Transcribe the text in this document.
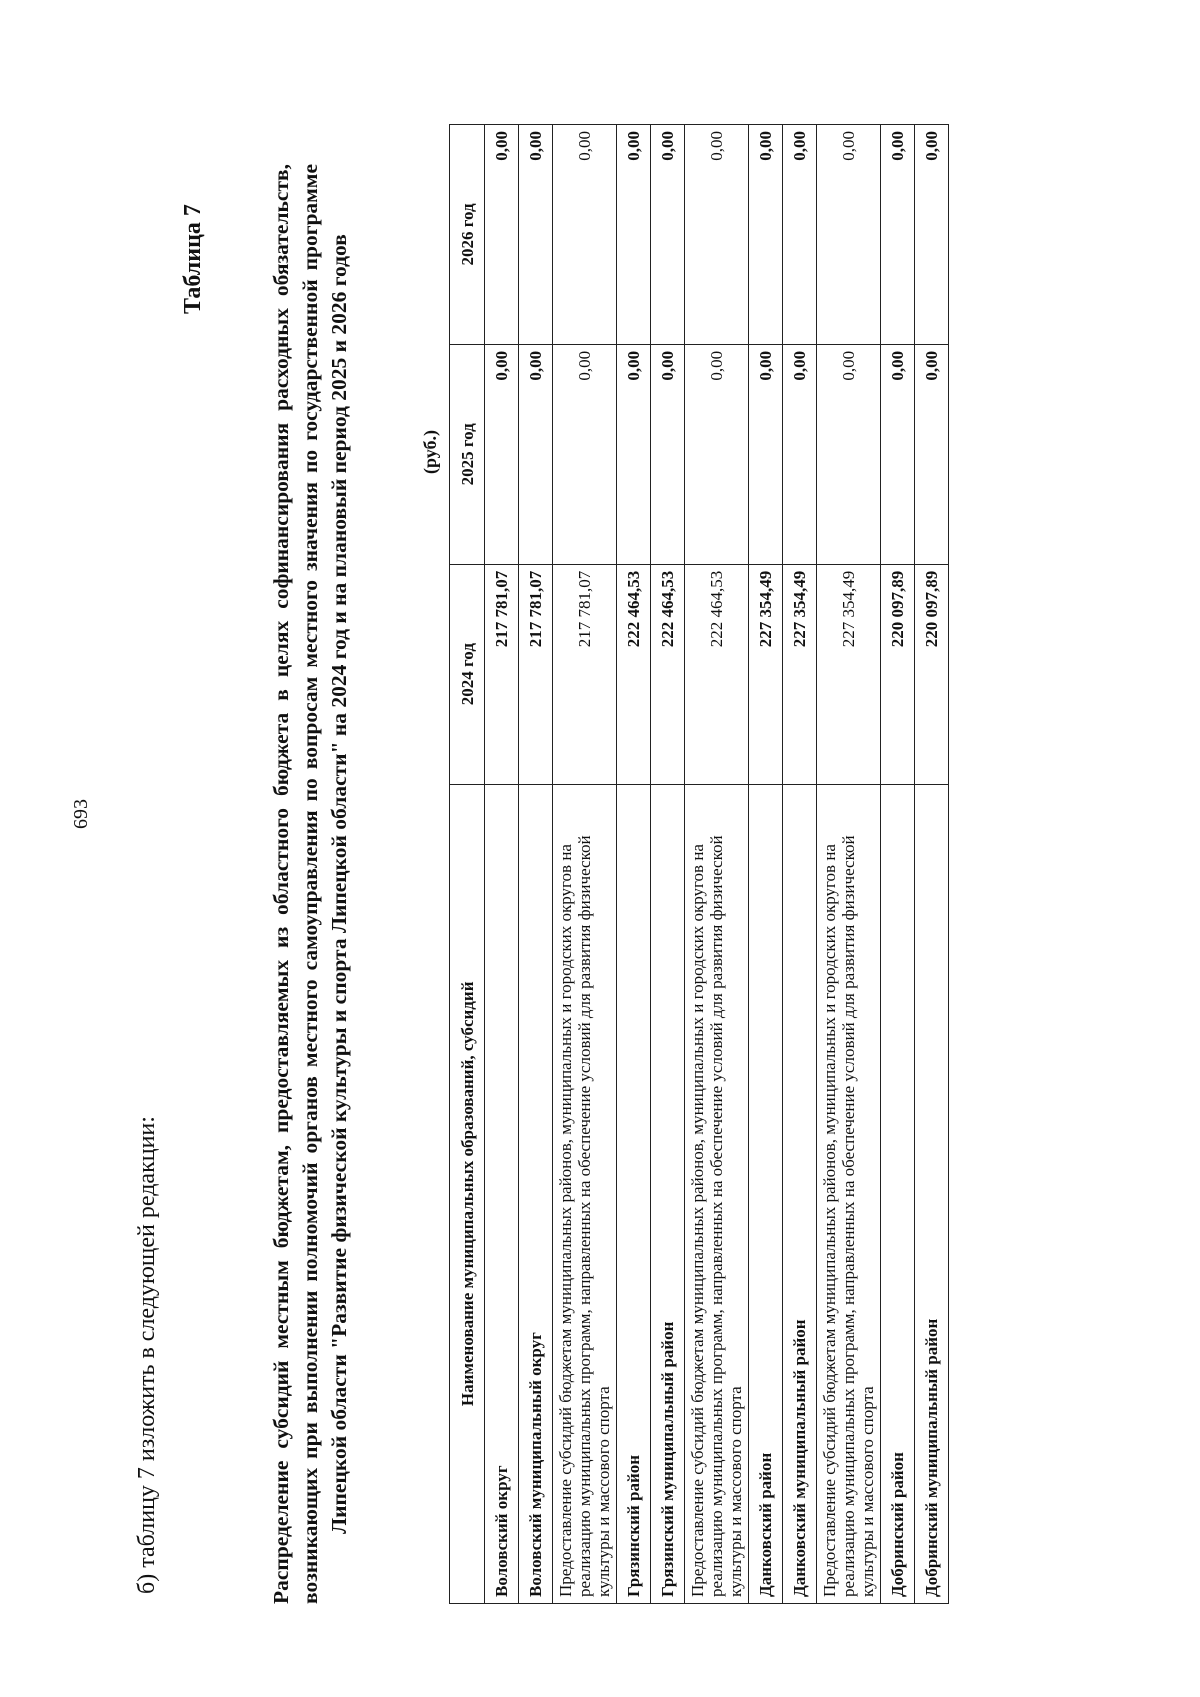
693
б) таблицу 7 изложить в следующей редакции:
Таблица 7	Распределение субсидий местным бюджетам, предоставляемых из областного бюджета в целях софинансирования расходных обязательств, возникающих при выполнении полномочий органов местного самоуправления по вопросам местного значения по государственной программе Липецкой области "Развитие физической культуры и спорта Липецкой области" на 2024 год и на плановый период 2025 и 2026 годов	(руб.)
Наименование муниципальных образований, субсидий	2024 год	2025 год	2026 год
Воловский округ	217 781,07	0,00	0,00
Воловский муниципальный округ	217 781,07	0,00	0,00
Предоставление субсидий бюджетам муниципальных районов, муниципальных и городских округов на реализацию муниципальных программ, направленных на обеспечение условий для развития физической культуры и массового спорта	217 781,07	0,00	0,00
Грязинский район	222 464,53	0,00	0,00
Грязинский муниципальный район	222 464,53	0,00	0,00
Предоставление субсидий бюджетам муниципальных районов, муниципальных и городских округов на реализацию муниципальных программ, направленных на обеспечение условий для развития физической культуры и массового спорта	222 464,53	0,00	0,00
Данковский район	227 354,49	0,00	0,00
Данковский муниципальный район	227 354,49	0,00	0,00
Предоставление субсидий бюджетам муниципальных районов, муниципальных и городских округов на реализацию муниципальных программ, направленных на обеспечение условий для развития физической культуры и массового спорта	227 354,49	0,00	0,00
Добринский район	220 097,89	0,00	0,00
Добринский муниципальный район	220 097,89	0,00	0,00
